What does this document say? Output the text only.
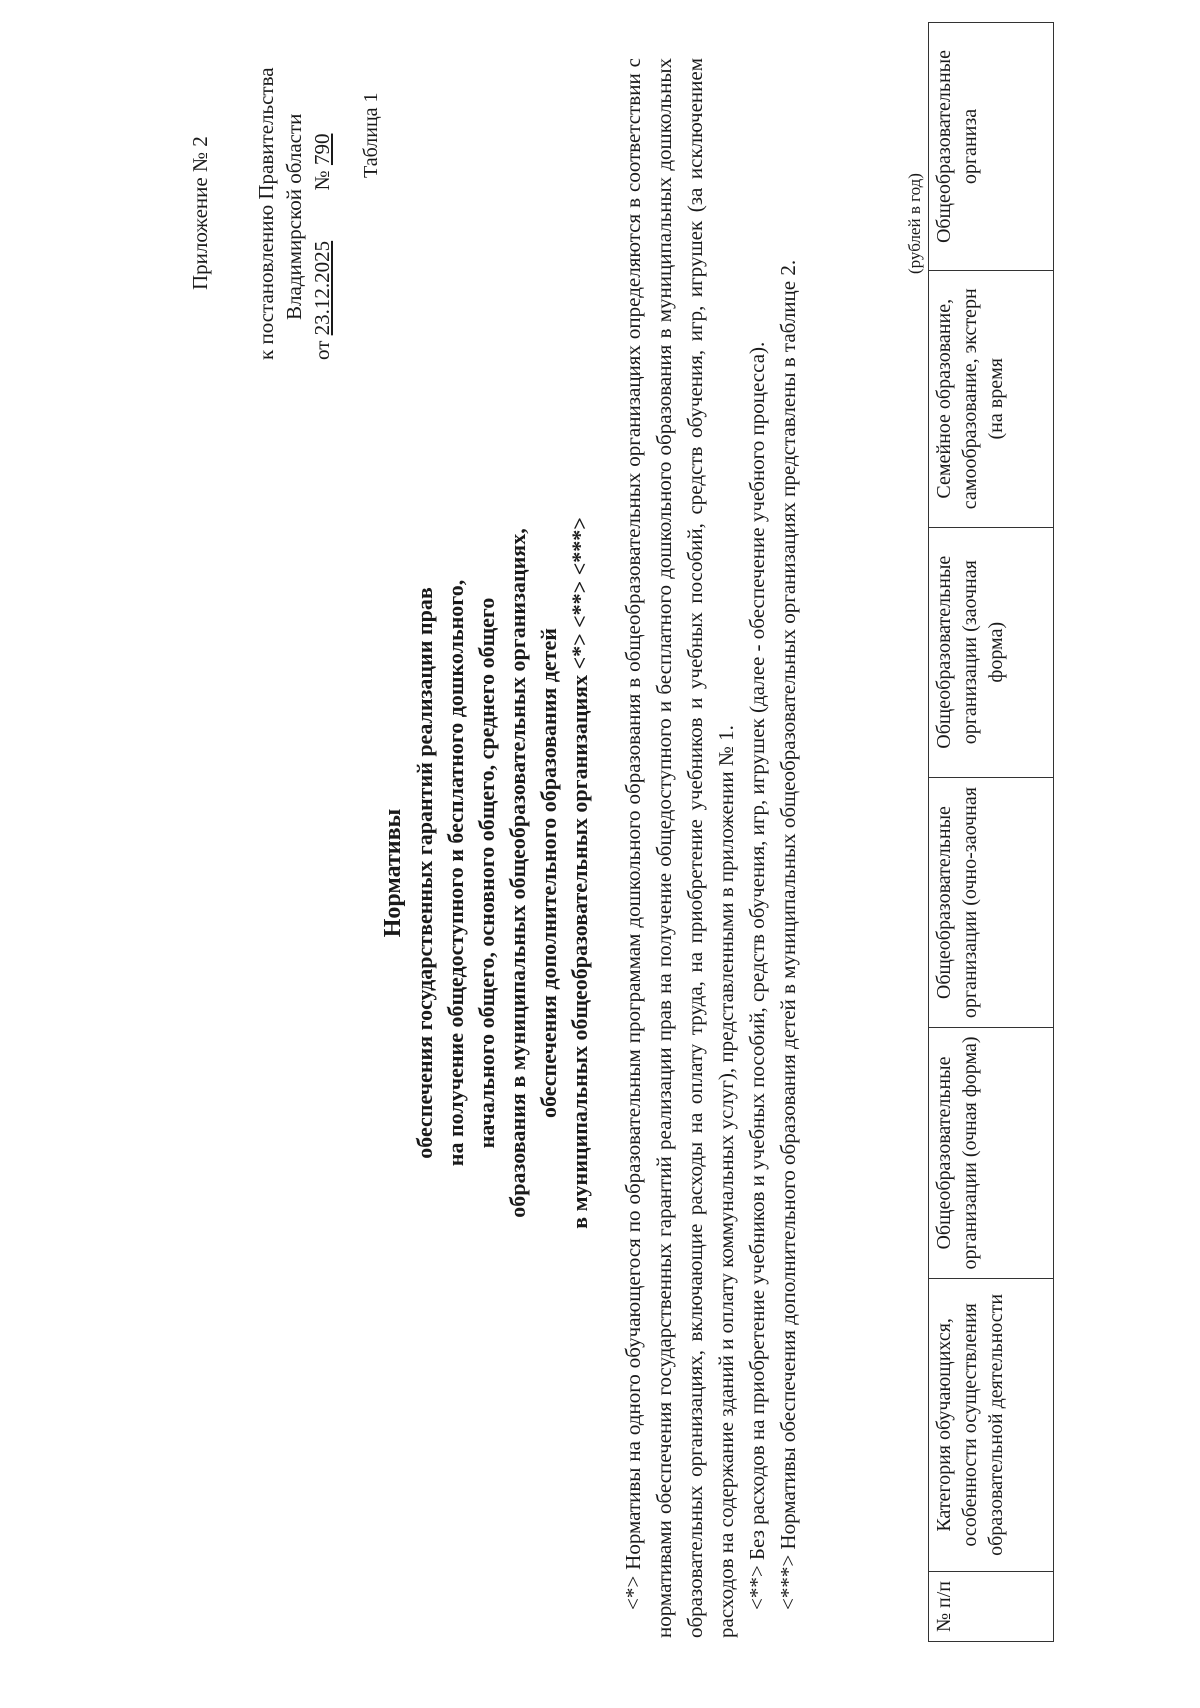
Приложение № 2 к постановлению Правительства Владимирской области
от 23.12.2025  № 790 Таблица 1
Нормативы обеспечения государственных гарантий реализации прав на получение общедоступного и бесплатного дошкольного, начального общего, основного общего, среднего общего образования в муниципальных общеобразовательных организациях, обеспечения дополнительного образования детей в муниципальных общеобразовательных организациях <*> <**> <***> <*> Нормативы на одного обучающегося по образовательным программам дошкольного образования в общеобразовательных организациях определяются в соответствии с нормативами обеспечения государственных гарантий реализации прав на получение общедоступного и бесплатного дошкольного образования в муниципальных дошкольных образовательных организациях, включающие расходы на оплату труда, на приобретение учебников и учебных пособий, средств обучения, игр, игрушек (за исключением расходов на содержание зданий и оплату коммунальных услуг), представленными в приложении № 1. <**> Без расходов на приобретение учебников и учебных пособий, средств обучения, игр, игрушек (далее - обеспечение учебного процесса). <***> Нормативы обеспечения дополнительного образования детей в муниципальных общеобразовательных организациях представлены в таблице 2.

(рублей в год)
№ п/п	Категория обучающихся, особенности осуществления образовательной деятельности	Общеобразовательные организации (очная форма)	Общеобразовательные организации (очно-заочная	Общеобразовательные организации (заочная форма)	Семейное образование, самообразование, экстерн (на время	Общеобразовательные организа
